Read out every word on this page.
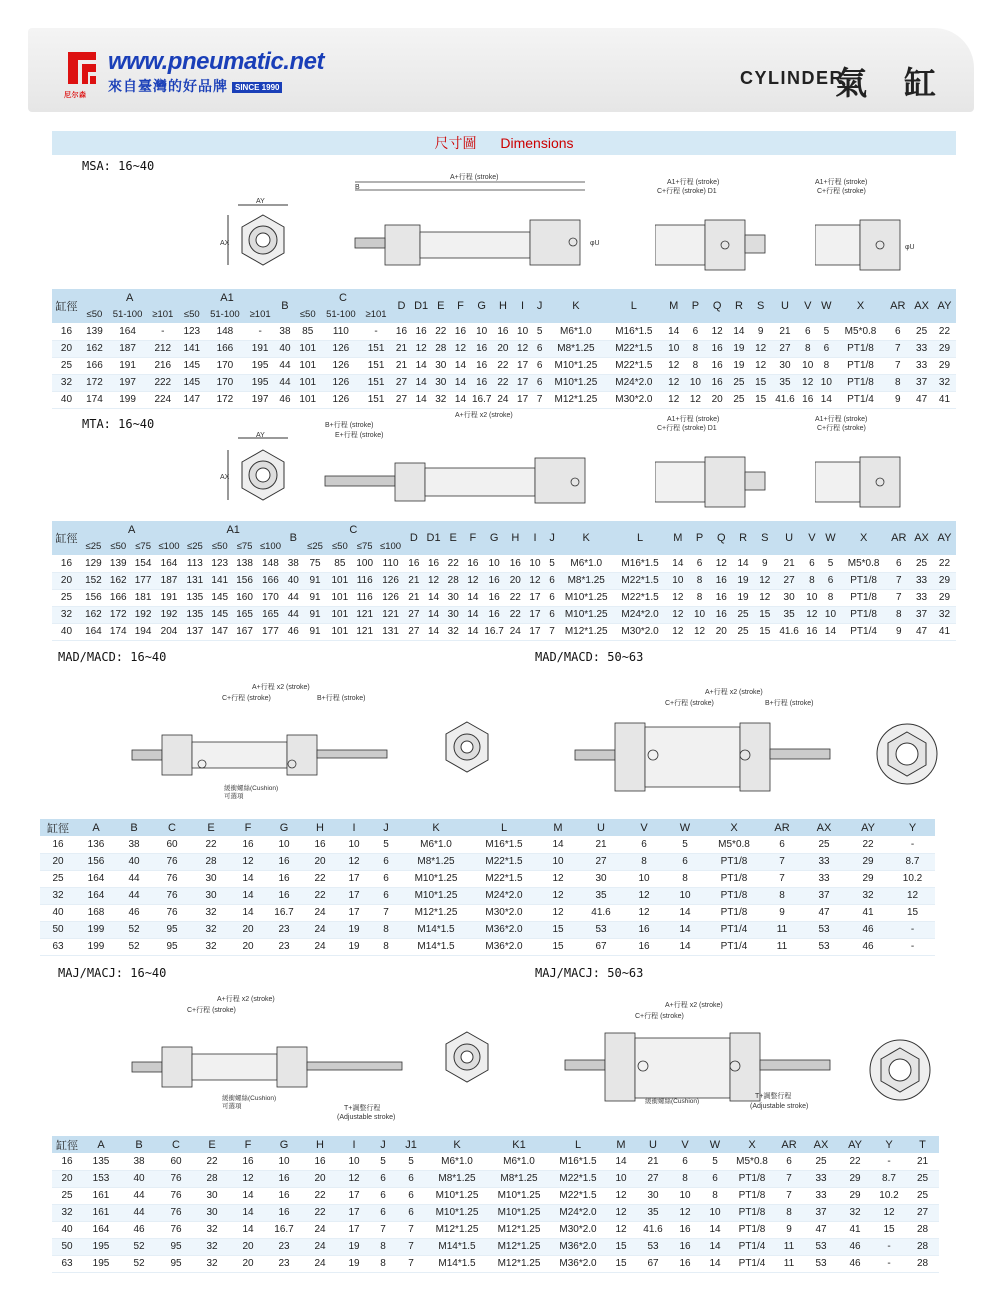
尼尔森
www.pneumatic.net
來自臺灣的好品牌 SINCE 1990	CYLINDER
氣 缸
尺寸圖 Dimensions
MSA: 16~40
AY
AX
A+行程 (stroke)
B
φU
A1+行程 (stroke)
C+行程 (stroke) D1
A1+行程 (stroke)
C+行程 (stroke)
φU
缸徑	A			A1			B	C			D	D1	E	F	G	H	I	J	K	L	M	P	Q	R	S	U	V	W	X	AR	AX	AY
	≤50	51-100	≥101	≤50	51-100	≥101		≤50	51-100	≥101																						
16	139	164	-	123	148	-	38	85	110	-	16	16	22	16	10	16	10	5	M6*1.0	M16*1.5	14	6	12	14	9	21	6	5	M5*0.8	6	25	22
20	162	187	212	141	166	191	40	101	126	151	21	12	28	12	16	20	12	6	M8*1.25	M22*1.5	10	8	16	19	12	27	8	6	PT1/8	7	33	29
25	166	191	216	145	170	195	44	101	126	151	21	14	30	14	16	22	17	6	M10*1.25	M22*1.5	12	8	16	19	12	30	10	8	PT1/8	7	33	29
32	172	197	222	145	170	195	44	101	126	151	27	14	30	14	16	22	17	6	M10*1.25	M24*2.0	12	10	16	25	15	35	12	10	PT1/8	8	37	32
40	174	199	224	147	172	197	46	101	126	151	27	14	32	14	16.7	24	17	7	M12*1.25	M30*2.0	12	12	20	25	15	41.6	16	14	PT1/4	9	47	41
MTA: 16~40
AY
AX
A+行程 x2 (stroke)
B+行程 (stroke)
E+行程 (stroke)
A1+行程 (stroke)
C+行程 (stroke) D1
A1+行程 (stroke)
C+行程 (stroke)
缸徑	A				A1				B	C				D	D1	E	F	G	H	I	J	K	L	M	P	Q	R	S	U	V	W	X	AR	AX	AY
	≤25	≤50	≤75	≤100	≤25	≤50	≤75	≤100		≤25	≤50	≤75	≤100																						
16	129	139	154	164	113	123	138	148	38	75	85	100	110	16	16	22	16	10	16	10	5	M6*1.0	M16*1.5	14	6	12	14	9	21	6	5	M5*0.8	6	25	22
20	152	162	177	187	131	141	156	166	40	91	101	116	126	21	12	28	12	16	20	12	6	M8*1.25	M22*1.5	10	8	16	19	12	27	8	6	PT1/8	7	33	29
25	156	166	181	191	135	145	160	170	44	91	101	116	126	21	14	30	14	16	22	17	6	M10*1.25	M22*1.5	12	8	16	19	12	30	10	8	PT1/8	7	33	29
32	162	172	192	192	135	145	165	165	44	91	101	121	121	27	14	30	14	16	22	17	6	M10*1.25	M24*2.0	12	10	16	25	15	35	12	10	PT1/8	8	37	32
40	164	174	194	204	137	147	167	177	46	91	101	121	131	27	14	32	14	16.7	24	17	7	M12*1.25	M30*2.0	12	12	20	25	15	41.6	16	14	PT1/4	9	47	41
MAD/MACD: 16~40	MAD/MACD: 50~63
A+行程 x2 (stroke)
C+行程 (stroke)	B+行程 (stroke)
緩衝螺絲(Cushion)
可選項
A+行程 x2 (stroke)
C+行程 (stroke)	B+行程 (stroke)
缸徑	A	B	C	E	F	G	H	I	J	K	L	M	U	V	W	X	AR	AX	AY	Y
16	136	38	60	22	16	10	16	10	5	M6*1.0	M16*1.5	14	21	6	5	M5*0.8	6	25	22	-
20	156	40	76	28	12	16	20	12	6	M8*1.25	M22*1.5	10	27	8	6	PT1/8	7	33	29	8.7
25	164	44	76	30	14	16	22	17	6	M10*1.25	M22*1.5	12	30	10	8	PT1/8	7	33	29	10.2
32	164	44	76	30	14	16	22	17	6	M10*1.25	M24*2.0	12	35	12	10	PT1/8	8	37	32	12
40	168	46	76	32	14	16.7	24	17	7	M12*1.25	M30*2.0	12	41.6	12	14	PT1/8	9	47	41	15
50	199	52	95	32	20	23	24	19	8	M14*1.5	M36*2.0	15	53	16	14	PT1/4	11	53	46	-
63	199	52	95	32	20	23	24	19	8	M14*1.5	M36*2.0	15	67	16	14	PT1/4	11	53	46	-
MAJ/MACJ: 16~40	MAJ/MACJ: 50~63
A+行程 x2 (stroke)
C+行程 (stroke)
緩衝螺絲(Cushion)
可選項	T+調整行程
(Adjustable stroke)
A+行程 x2 (stroke)
C+行程 (stroke)
緩衝螺絲(Cushion)
T+調整行程
(Adjustable stroke)
缸徑	A	B	C	E	F	G	H	I	J	J1	K	K1	L	M	U	V	W	X	AR	AX	AY	Y	T
16	135	38	60	22	16	10	16	10	5	5	M6*1.0	M6*1.0	M16*1.5	14	21	6	5	M5*0.8	6	25	22	-	21
20	153	40	76	28	12	16	20	12	6	6	M8*1.25	M8*1.25	M22*1.5	10	27	8	6	PT1/8	7	33	29	8.7	25
25	161	44	76	30	14	16	22	17	6	6	M10*1.25	M10*1.25	M22*1.5	12	30	10	8	PT1/8	7	33	29	10.2	25
32	161	44	76	30	14	16	22	17	6	6	M10*1.25	M10*1.25	M24*2.0	12	35	12	10	PT1/8	8	37	32	12	27
40	164	46	76	32	14	16.7	24	17	7	7	M12*1.25	M12*1.25	M30*2.0	12	41.6	16	14	PT1/8	9	47	41	15	28
50	195	52	95	32	20	23	24	19	8	7	M14*1.5	M12*1.25	M36*2.0	15	53	16	14	PT1/4	11	53	46	-	28
63	195	52	95	32	20	23	24	19	8	7	M14*1.5	M12*1.25	M36*2.0	15	67	16	14	PT1/4	11	53	46	-	28
